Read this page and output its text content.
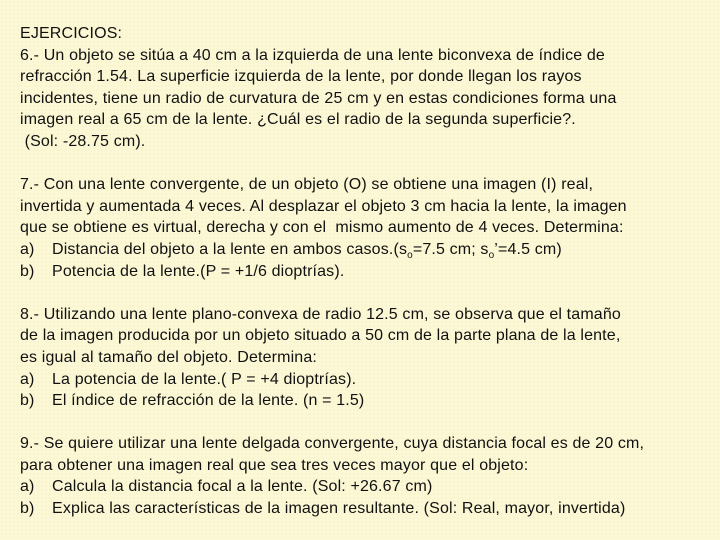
EJERCICIOS:
6.- Un objeto se sitúa a 40 cm a la izquierda de una lente biconvexa de índice de
refracción 1.54. La superficie izquierda de la lente, por donde llegan los rayos
incidentes, tiene un radio de curvatura de 25 cm y en estas condiciones forma una
imagen real a 65 cm de la lente. ¿Cuál es el radio de la segunda superficie?.
(Sol: -28.75 cm).
7.- Con una lente convergente, de un objeto (O) se obtiene una imagen (I) real,
invertida y aumentada 4 veces. Al desplazar el objeto 3 cm hacia la lente, la imagen
que se obtiene es virtual, derecha y con el  mismo aumento de 4 veces. Determina:
a) Distancia del objeto a la lente en ambos $casos.(s_o=7.5$ cm; $s_o’=4.5$ cm)
b) Potencia de la lente.(P = +1/6 dioptrías).
8.- Utilizando una lente plano-convexa de radio 12.5 cm, se observa que el tamaño
de la imagen producida por un objeto situado a 50 cm de la parte plana de la lente,
es igual al tamaño del objeto. Determina:
a) La potencia de la lente.( P = +4 dioptrías).
b) El índice de refracción de la lente. (n = 1.5)
9.- Se quiere utilizar una lente delgada convergente, cuya distancia focal es de 20 cm,
para obtener una imagen real que sea tres veces mayor que el objeto:
a) Calcula la distancia focal a la lente. (Sol: +26.67 cm)
b) Explica las características de la imagen resultante. (Sol: Real, mayor, invertida)
